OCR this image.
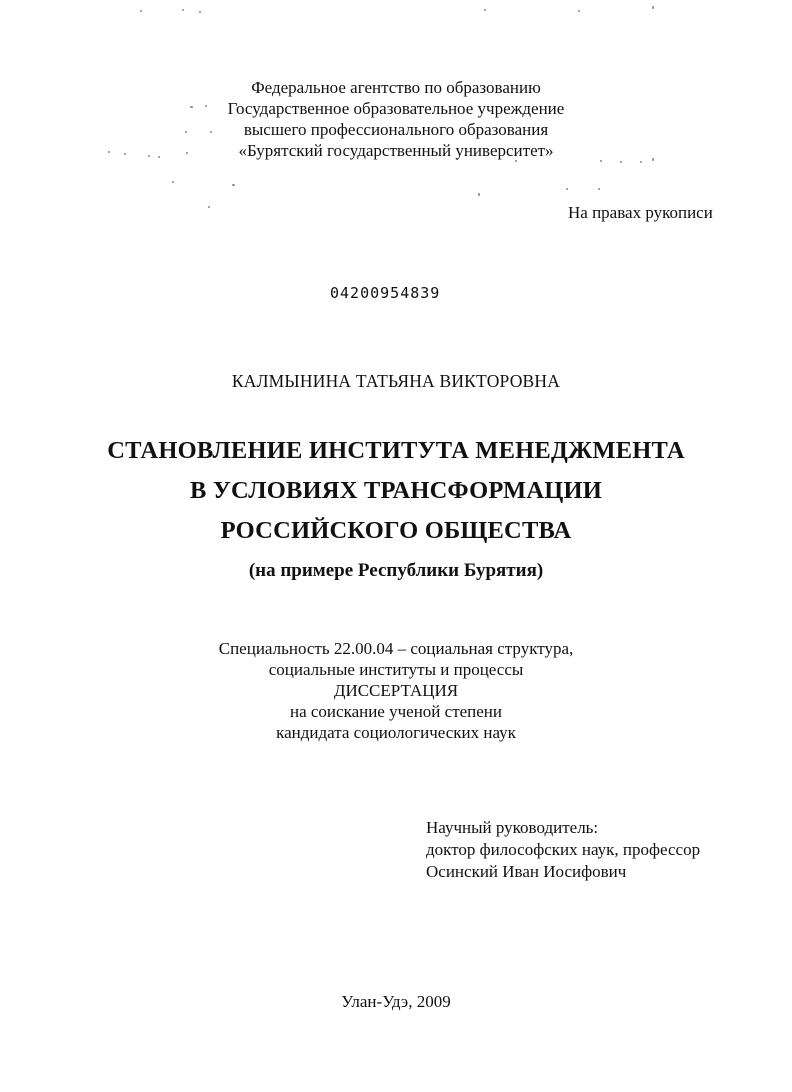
Федеральное агентство по образованию
Государственное образовательное учреждение
высшего профессионального образования
«Бурятский государственный университет»
На правах рукописи
04200954839
КАЛМЫНИНА ТАТЬЯНА ВИКТОРОВНА
СТАНОВЛЕНИЕ ИНСТИТУТА МЕНЕДЖМЕНТА
В УСЛОВИЯХ ТРАНСФОРМАЦИИ
РОССИЙСКОГО ОБЩЕСТВА
(на примере Республики Бурятия)
Специальность 22.00.04 – социальная структура,
социальные институты и процессы
ДИССЕРТАЦИЯ
на соискание ученой степени
кандидата социологических наук
Научный руководитель:
доктор философских наук, профессор
Осинский Иван Иосифович
Улан-Удэ, 2009
